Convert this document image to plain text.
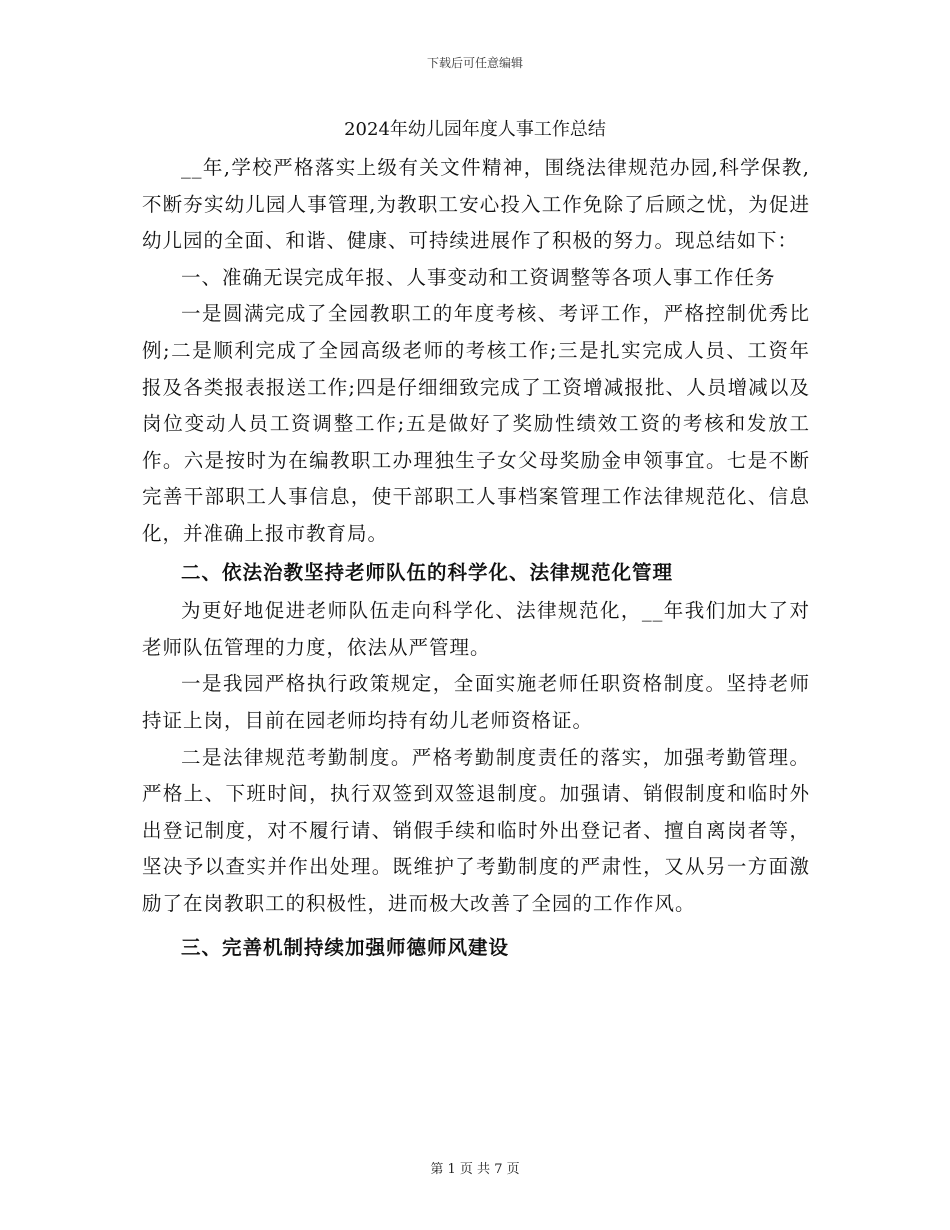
下载后可任意编辑
2024年幼儿园年度人事工作总结

__年,学校严格落实上级有关文件精神，围绕法律规范办园,科学保教,不断夯实幼儿园人事管理,为教职工安心投入工作免除了后顾之忧，为促进幼儿园的全面、和谐、健康、可持续进展作了积极的努力。现总结如下：

一、准确无误完成年报、人事变动和工资调整等各项人事工作任务

一是圆满完成了全园教职工的年度考核、考评工作，严格控制优秀比例;二是顺利完成了全园高级老师的考核工作;三是扎实完成人员、工资年报及各类报表报送工作;四是仔细细致完成了工资增减报批、人员增减以及岗位变动人员工资调整工作;五是做好了奖励性绩效工资的考核和发放工作。六是按时为在编教职工办理独生子女父母奖励金申领事宜。七是不断完善干部职工人事信息，使干部职工人事档案管理工作法律规范化、信息化，并准确上报市教育局。

二、依法治教坚持老师队伍的科学化、法律规范化管理

为更好地促进老师队伍走向科学化、法律规范化，__年我们加大了对老师队伍管理的力度，依法从严管理。

一是我园严格执行政策规定，全面实施老师任职资格制度。坚持老师持证上岗，目前在园老师均持有幼儿老师资格证。

二是法律规范考勤制度。严格考勤制度责任的落实，加强考勤管理。严格上、下班时间，执行双签到双签退制度。加强请、销假制度和临时外出登记制度，对不履行请、销假手续和临时外出登记者、擅自离岗者等，坚决予以查实并作出处理。既维护了考勤制度的严肃性，又从另一方面激励了在岗教职工的积极性，进而极大改善了全园的工作作风。

三、完善机制持续加强师德师风建设

第 1 页 共 7 页
